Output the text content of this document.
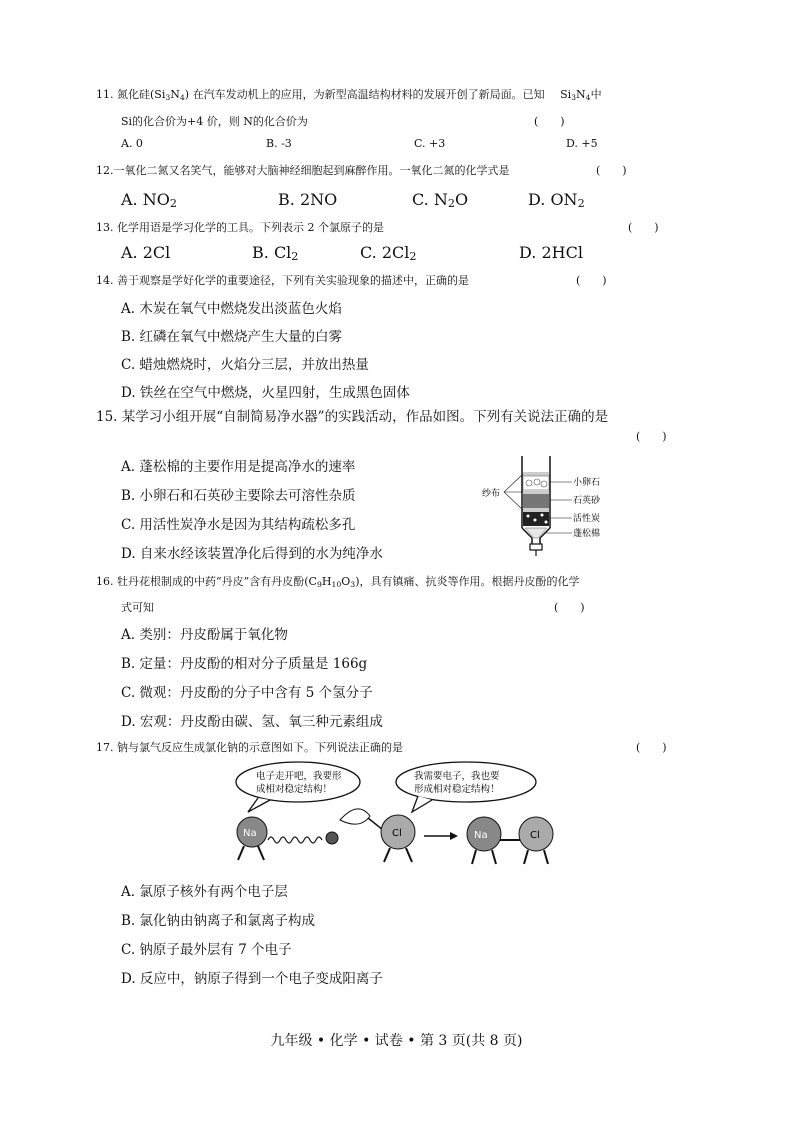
11. 氮化硅$(Si_3N_4)$ 在汽车发动机上的应用，为新型高温结构材料的发展开创了新局面。已知 $Si_3N_4$中
Si的化合价为+4 价，则 N的化合价为	(　　)
A. 0	B. -3	C. +3	D. +5
12.一氧化二氮又名笑气，能够对大脑神经细胞起到麻醉作用。一氧化二氮的化学式是	(　　)
A. $NO_2$	B. 2NO	C. $N_2O$	D. $ON_2$
13. 化学用语是学习化学的工具。下列表示 2 个氯原子的是	(　　)
A. 2Cl	B. $Cl_2$	C. $2Cl_2$	D. 2HCl
14. 善于观察是学好化学的重要途径，下列有关实验现象的描述中，正确的是	(　　)
A. 木炭在氧气中燃烧发出淡蓝色火焰
B. 红磷在氧气中燃烧产生大量的白雾
C. 蜡烛燃烧时，火焰分三层，并放出热量
D. 铁丝在空气中燃烧，火星四射，生成黑色固体
15. 某学习小组开展“自制简易净水器”的实践活动，作品如图。下列有关说法正确的是
(　　)
A. 蓬松棉的主要作用是提高净水的速率
B. 小卵石和石英砂主要除去可溶性杂质
C. 用活性炭净水是因为其结构疏松多孔
D. 自来水经该装置净化后得到的水为纯净水
纱布
小卵石
石英砂
活性炭
蓬松棉
16. 牡丹花根制成的中药“丹皮”含有丹皮酚$(C_9H_{10}O_3)$，具有镇痛、抗炎等作用。根据丹皮酚的化学
式可知	(　　)
A. 类别：丹皮酚属于氧化物
B. 定量：丹皮酚的相对分子质量是 166g
C. 微观：丹皮酚的分子中含有 5 个氢分子
D. 宏观：丹皮酚由碳、氢、氧三种元素组成
17. 钠与氯气反应生成氯化钠的示意图如下。下列说法正确的是	(　　)
电子走开吧，我要形
成相对稳定结构！
我需要电子，我也要
形成相对稳定结构！
Na	Cl	Na	Cl
A. 氯原子核外有两个电子层
B. 氯化钠由钠离子和氯离子构成
C. 钠原子最外层有 7 个电子
D. 反应中，钠原子得到一个电子变成阳离子
九年级 • 化学 • 试卷 • 第 3 页(共 8 页)
